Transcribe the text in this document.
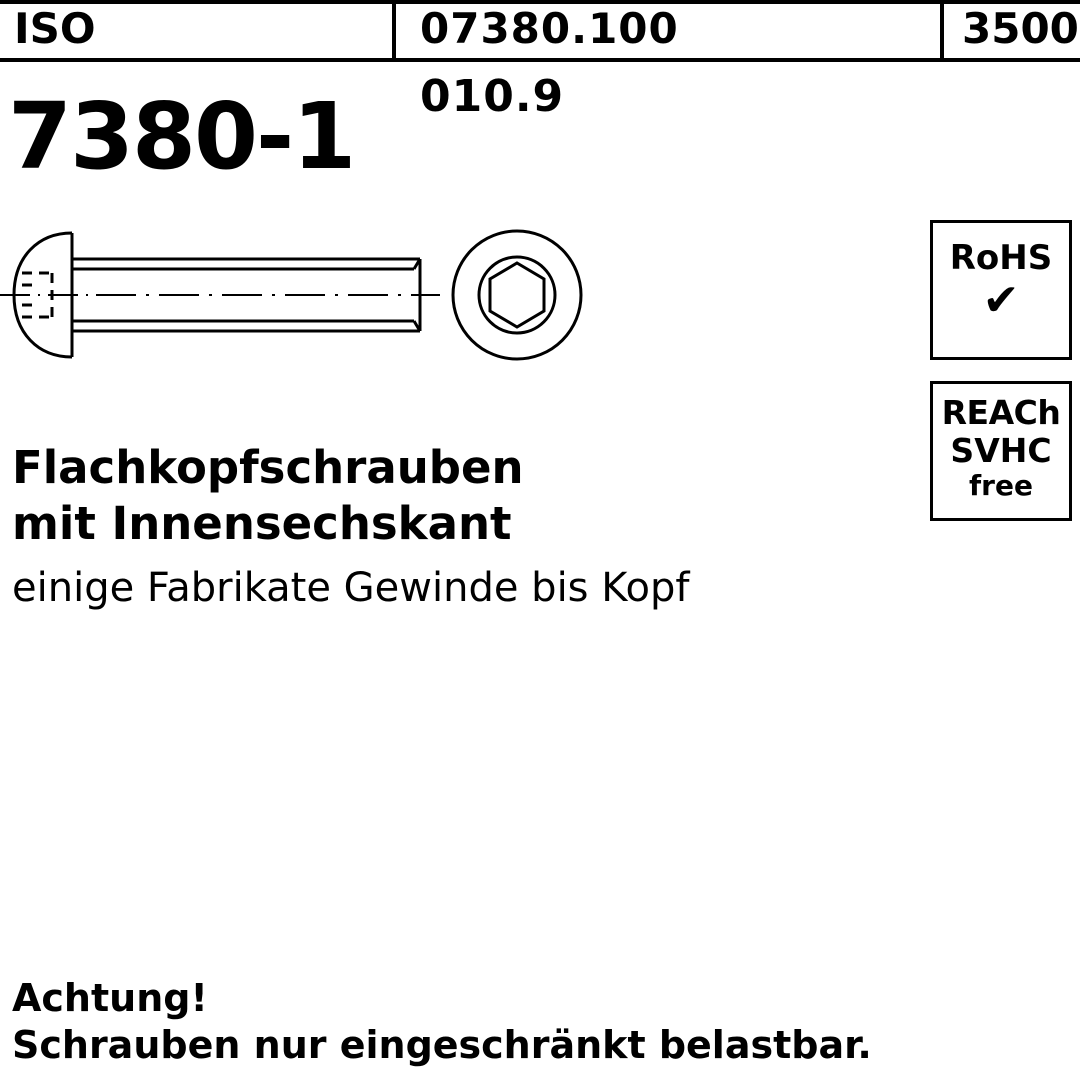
ISO	07380.100	3500
7380-1 010.9
RoHS
✔
REACh
SVHC
free
Flachkopfschrauben
mit Innensechskant
einige Fabrikate Gewinde bis Kopf
Achtung!
Schrauben nur eingeschränkt belastbar.
